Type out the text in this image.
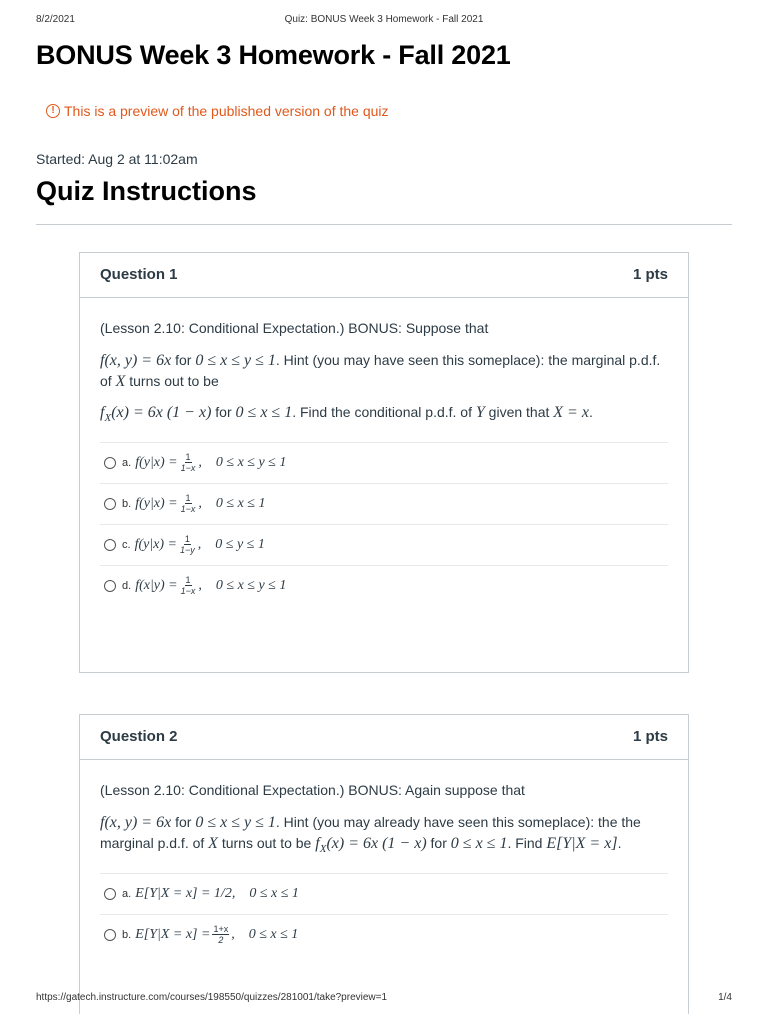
8/2/2021	Quiz: BONUS Week 3 Homework - Fall 2021
BONUS Week 3 Homework - Fall 2021
! This is a preview of the published version of the quiz
Started: Aug 2 at 11:02am
Quiz Instructions
Question 1	1 pts

(Lesson 2.10: Conditional Expectation.) BONUS: Suppose that

f(x, y) = 6x for 0 ≤ x ≤ y ≤ 1. Hint (you may have seen this someplace): the marginal p.d.f. of X turns out to be

$f_X(x) = 6x$ (1 − x) for 0 ≤ x ≤ 1. Find the conditional p.d.f. of Y given that X = x.

a. $f(y|x) = \frac{1}{1-x}$ ,    0 ≤ x ≤ y ≤ 1
b. $f(y|x) = \frac{1}{1-x}$ ,    0 ≤ x ≤ 1
c. $f(y|x) = \frac{1}{1-y}$ ,    0 ≤ y ≤ 1
d. $f(x|y) = \frac{1}{1-x}$ ,    0 ≤ x ≤ y ≤ 1
Question 2	1 pts

(Lesson 2.10: Conditional Expectation.) BONUS: Again suppose that

f(x, y) = 6x for 0 ≤ x ≤ y ≤ 1. Hint (you may already have seen this someplace): the the marginal p.d.f. of X turns out to be $f_X(x) = 6x$ (1 − x) for 0 ≤ x ≤ 1. Find E[Y|X = x].

a. E[Y|X = x] = 1/2,    0 ≤ x ≤ 1
b. $E[Y|X = x] = \frac{1+x}{2}$ ,    0 ≤ x ≤ 1
https://gatech.instructure.com/courses/198550/quizzes/281001/take?preview=1	1/4
